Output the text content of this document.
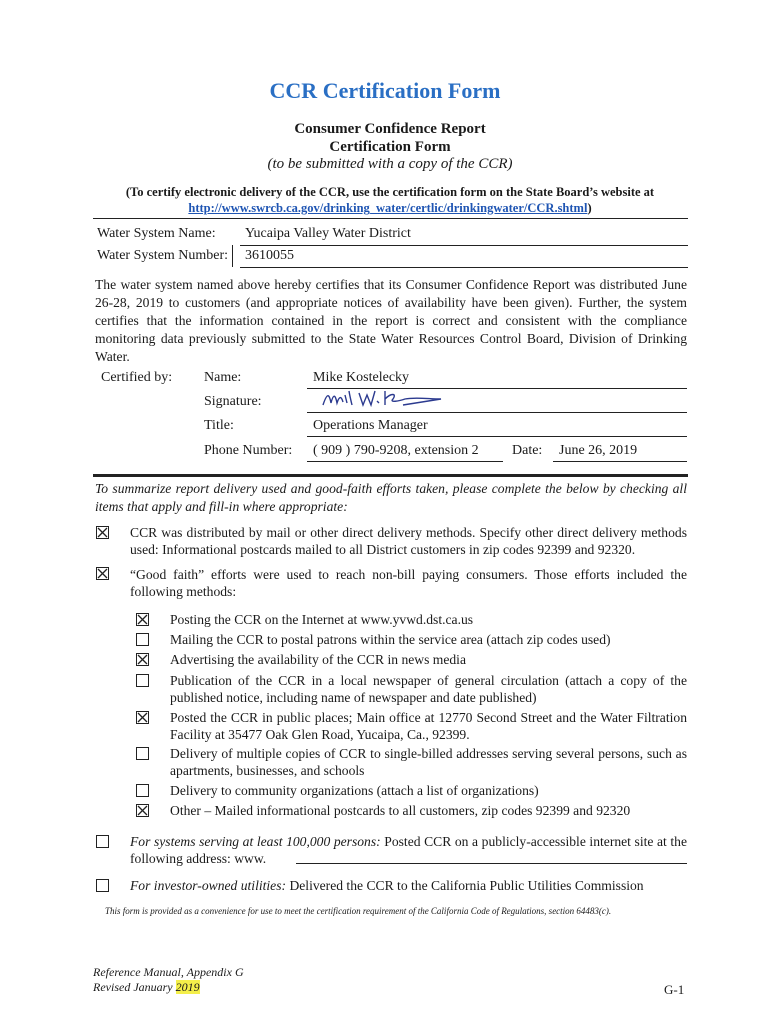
CCR Certification Form
Consumer Confidence Report
Certification Form
(to be submitted with a copy of the CCR)
(To certify electronic delivery of the CCR, use the certification form on the State Board’s website at
http://www.swrcb.ca.gov/drinking_water/certlic/drinkingwater/CCR.shtml)
Water System Name:	Yucaipa Valley Water District
Water System Number:	3610055
The water system named above hereby certifies that its Consumer Confidence Report was distributed June 26-28, 2019 to customers (and appropriate notices of availability have been given). Further, the system certifies that the information contained in the report is correct and consistent with the compliance monitoring data previously submitted to the State Water Resources Control Board, Division of Drinking Water.
Certified by: Name:	Mike Kostelecky
Signature:
Title:	Operations Manager
Phone Number:	( 909 ) 790-9208, extension 2	Date:	June 26, 2019
To summarize report delivery used and good-faith efforts taken, please complete the below by checking all items that apply and fill-in where appropriate:
CCR was distributed by mail or other direct delivery methods. Specify other direct delivery methods used: Informational postcards mailed to all District customers in zip codes 92399 and 92320.
“Good faith” efforts were used to reach non-bill paying consumers. Those efforts included the following methods:
Posting the CCR on the Internet at www.yvwd.dst.ca.us
Mailing the CCR to postal patrons within the service area (attach zip codes used)
Advertising the availability of the CCR in news media
Publication of the CCR in a local newspaper of general circulation (attach a copy of the published notice, including name of newspaper and date published)
Posted the CCR in public places; Main office at 12770 Second Street and the Water Filtration Facility at 35477 Oak Glen Road, Yucaipa, Ca., 92399.
Delivery of multiple copies of CCR to single-billed addresses serving several persons, such as apartments, businesses, and schools
Delivery to community organizations (attach a list of organizations)
Other – Mailed informational postcards to all customers, zip codes 92399 and 92320
For systems serving at least 100,000 persons: Posted CCR on a publicly-accessible internet site at the following address: www.
For investor-owned utilities: Delivered the CCR to the California Public Utilities Commission
This form is provided as a convenience for use to meet the certification requirement of the California Code of Regulations, section 64483(c).
Reference Manual, Appendix G
Revised January 2019	G-1
